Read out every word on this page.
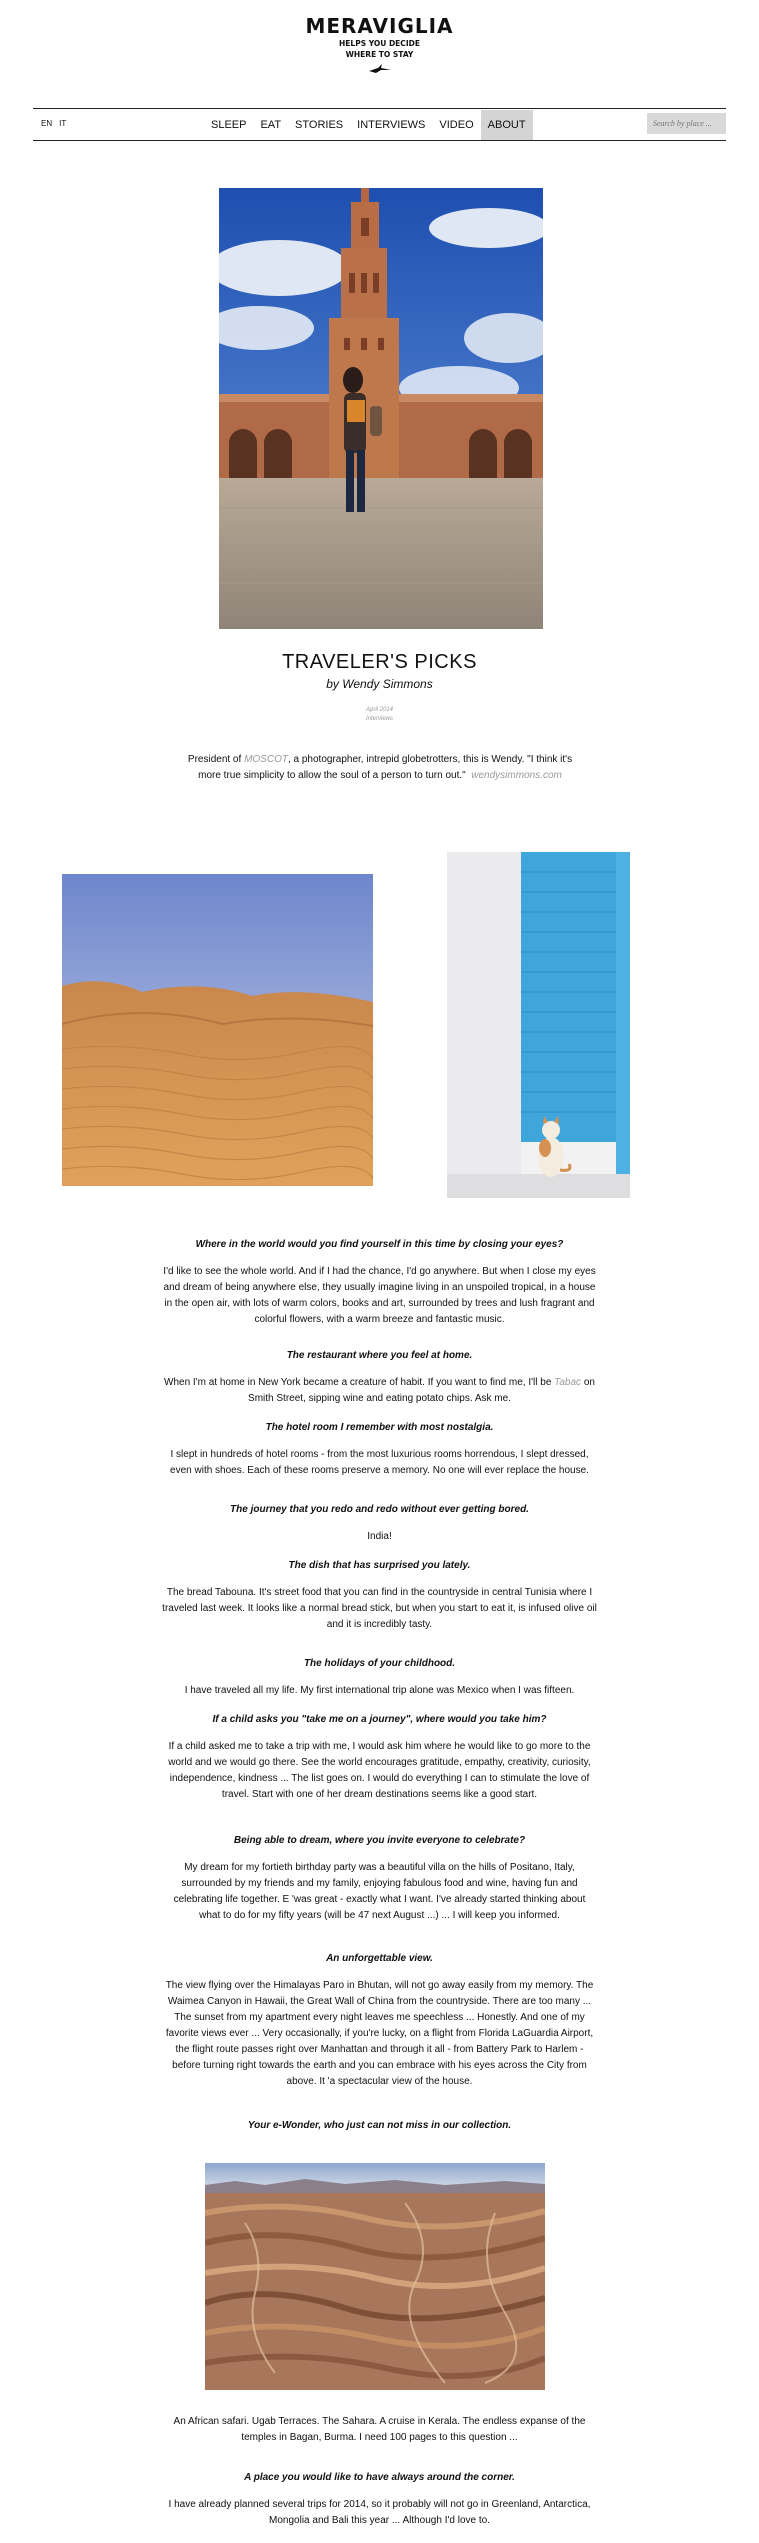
MERAVIGLIA
HELPS YOU DECIDE
WHERE TO STAY
EN IT	SLEEP EAT STORIES INTERVIEWS VIDEO ABOUT
Search by place ...
TRAVELER'S PICKS
by Wendy Simmons
April 2014
Interviews
President of MOSCOT, a photographer, intrepid globetrotters, this is Wendy. "I think it's more true simplicity to allow the soul of a person to turn out." wendysimmons.com
Where in the world would you find yourself in this time by closing your eyes?
I'd like to see the whole world. And if I had the chance, I'd go anywhere. But when I close my eyes and dream of being anywhere else, they usually imagine living in an unspoiled tropical, in a house in the open air, with lots of warm colors, books and art, surrounded by trees and lush fragrant and colorful flowers, with a warm breeze and fantastic music.
The restaurant where you feel at home.
When I'm at home in New York became a creature of habit. If you want to find me, I'll be Tabac on Smith Street, sipping wine and eating potato chips. Ask me.
The hotel room I remember with most nostalgia.
I slept in hundreds of hotel rooms - from the most luxurious rooms horrendous, I slept dressed, even with shoes. Each of these rooms preserve a memory. No one will ever replace the house.
The journey that you redo and redo without ever getting bored.
India!
The dish that has surprised you lately.
The bread Tabouna. It's street food that you can find in the countryside in central Tunisia where I traveled last week. It looks like a normal bread stick, but when you start to eat it, is infused olive oil and it is incredibly tasty.
The holidays of your childhood.
I have traveled all my life. My first international trip alone was Mexico when I was fifteen.
If a child asks you "take me on a journey", where would you take him?
If a child asked me to take a trip with me, I would ask him where he would like to go more to the world and we would go there. See the world encourages gratitude, empathy, creativity, curiosity, independence, kindness ... The list goes on. I would do everything I can to stimulate the love of travel. Start with one of her dream destinations seems like a good start.
Being able to dream, where you invite everyone to celebrate?
My dream for my fortieth birthday party was a beautiful villa on the hills of Positano, Italy, surrounded by my friends and my family, enjoying fabulous food and wine, having fun and celebrating life together. E 'was great - exactly what I want. I've already started thinking about what to do for my fifty years (will be 47 next August ...) ... I will keep you informed.
An unforgettable view.
The view flying over the Himalayas Paro in Bhutan, will not go away easily from my memory. The Waimea Canyon in Hawaii, the Great Wall of China from the countryside. There are too many ... The sunset from my apartment every night leaves me speechless ... Honestly. And one of my favorite views ever ... Very occasionally, if you're lucky, on a flight from Florida LaGuardia Airport, the flight route passes right over Manhattan and through it all - from Battery Park to Harlem - before turning right towards the earth and you can embrace with his eyes across the City from above. It 'a spectacular view of the house.
Your e-Wonder, who just can not miss in our collection.
An African safari. Ugab Terraces. The Sahara. A cruise in Kerala. The endless expanse of the temples in Bagan, Burma. I need 100 pages to this question ...
A place you would like to have always around the corner.
I have already planned several trips for 2014, so it probably will not go in Greenland, Antarctica, Mongolia and Bali this year ... Although I'd love to.
